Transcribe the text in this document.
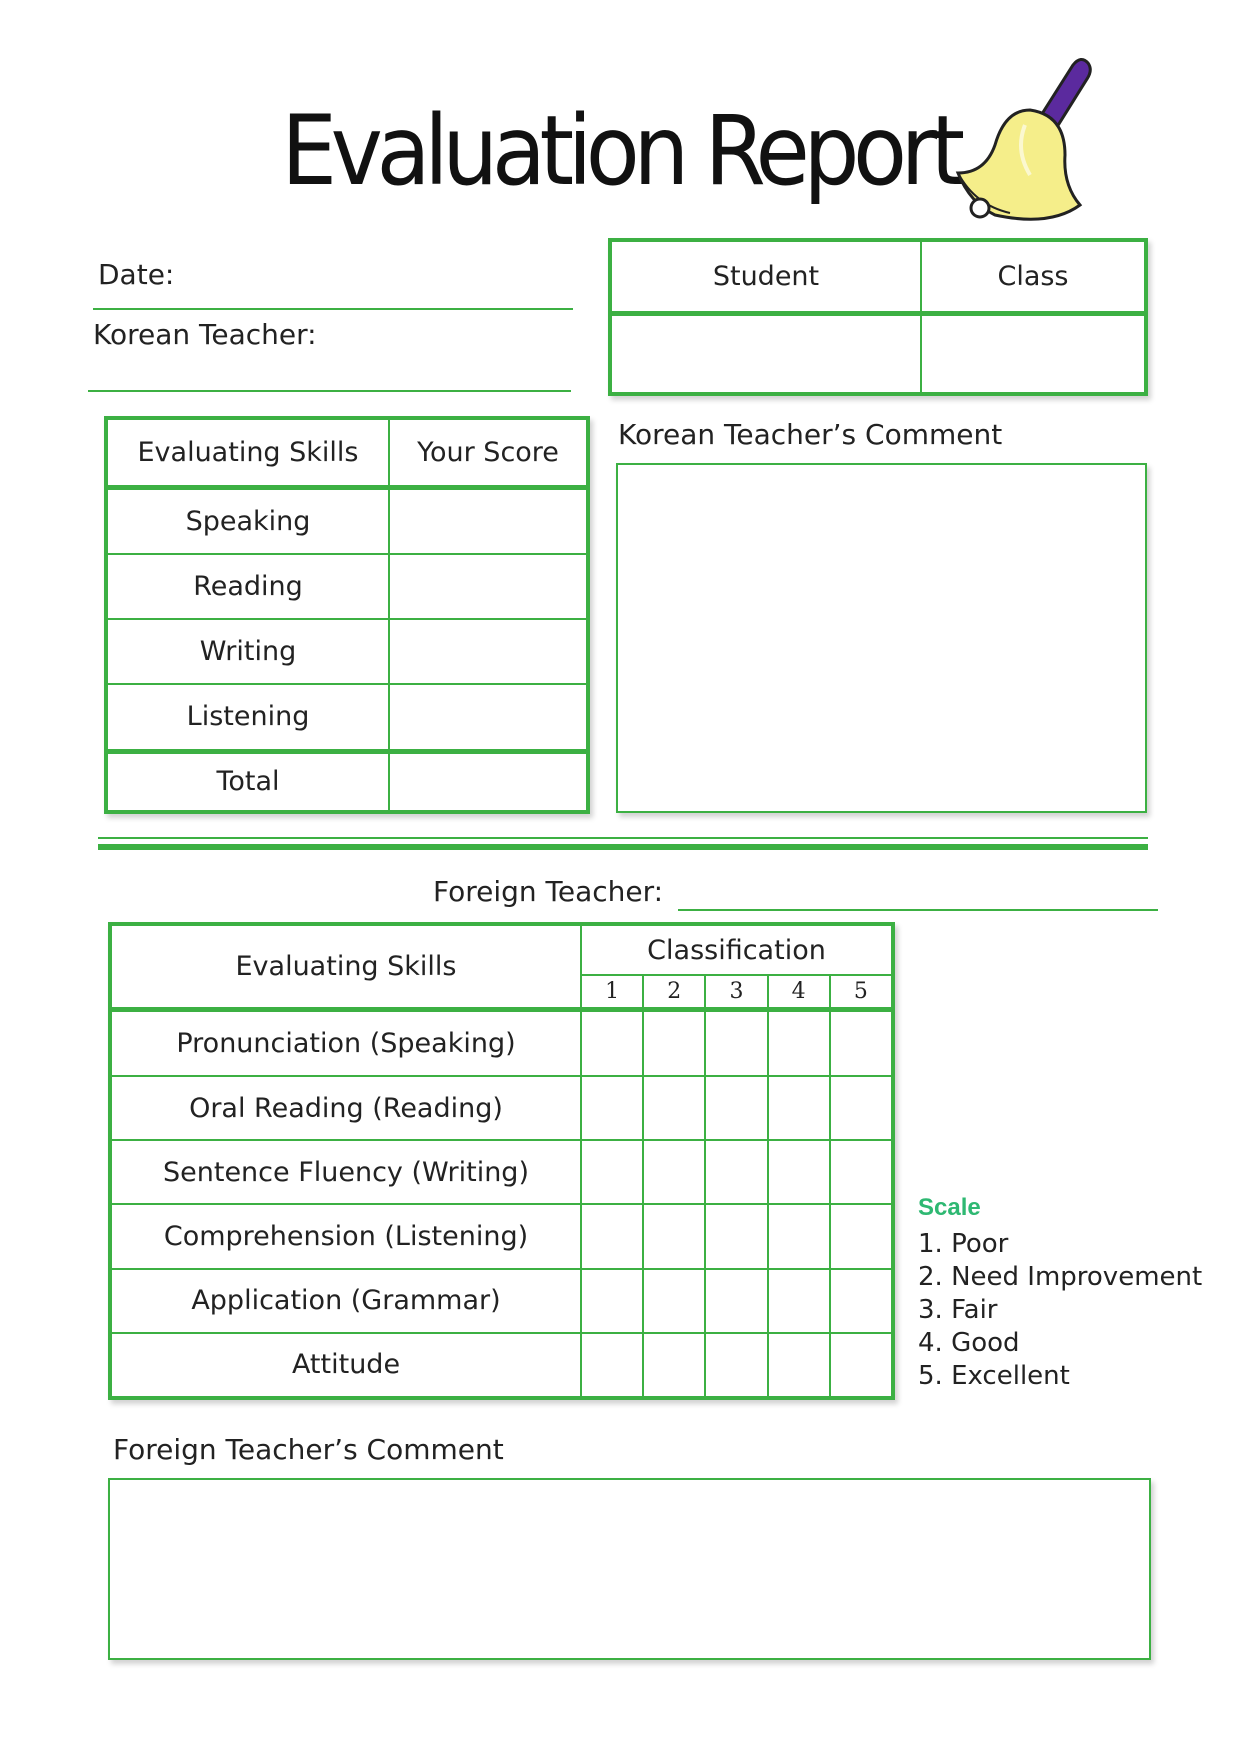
Evaluation Report
Date:
Korean Teacher:
Student	Class

Evaluating Skills	Your Score
Speaking	
Reading	
Writing	
Listening	
Total	
Korean Teacher’s Comment
Foreign Teacher:
Evaluating Skills	Classification				
	1	2	3	4	5
Pronunciation (Speaking)					
Oral Reading (Reading)					
Sentence Fluency (Writing)					
Comprehension (Listening)					
Application (Grammar)					
Attitude					
Scale
1. Poor
2. Need Improvement
3. Fair
4. Good
5. Excellent
Foreign Teacher’s Comment
